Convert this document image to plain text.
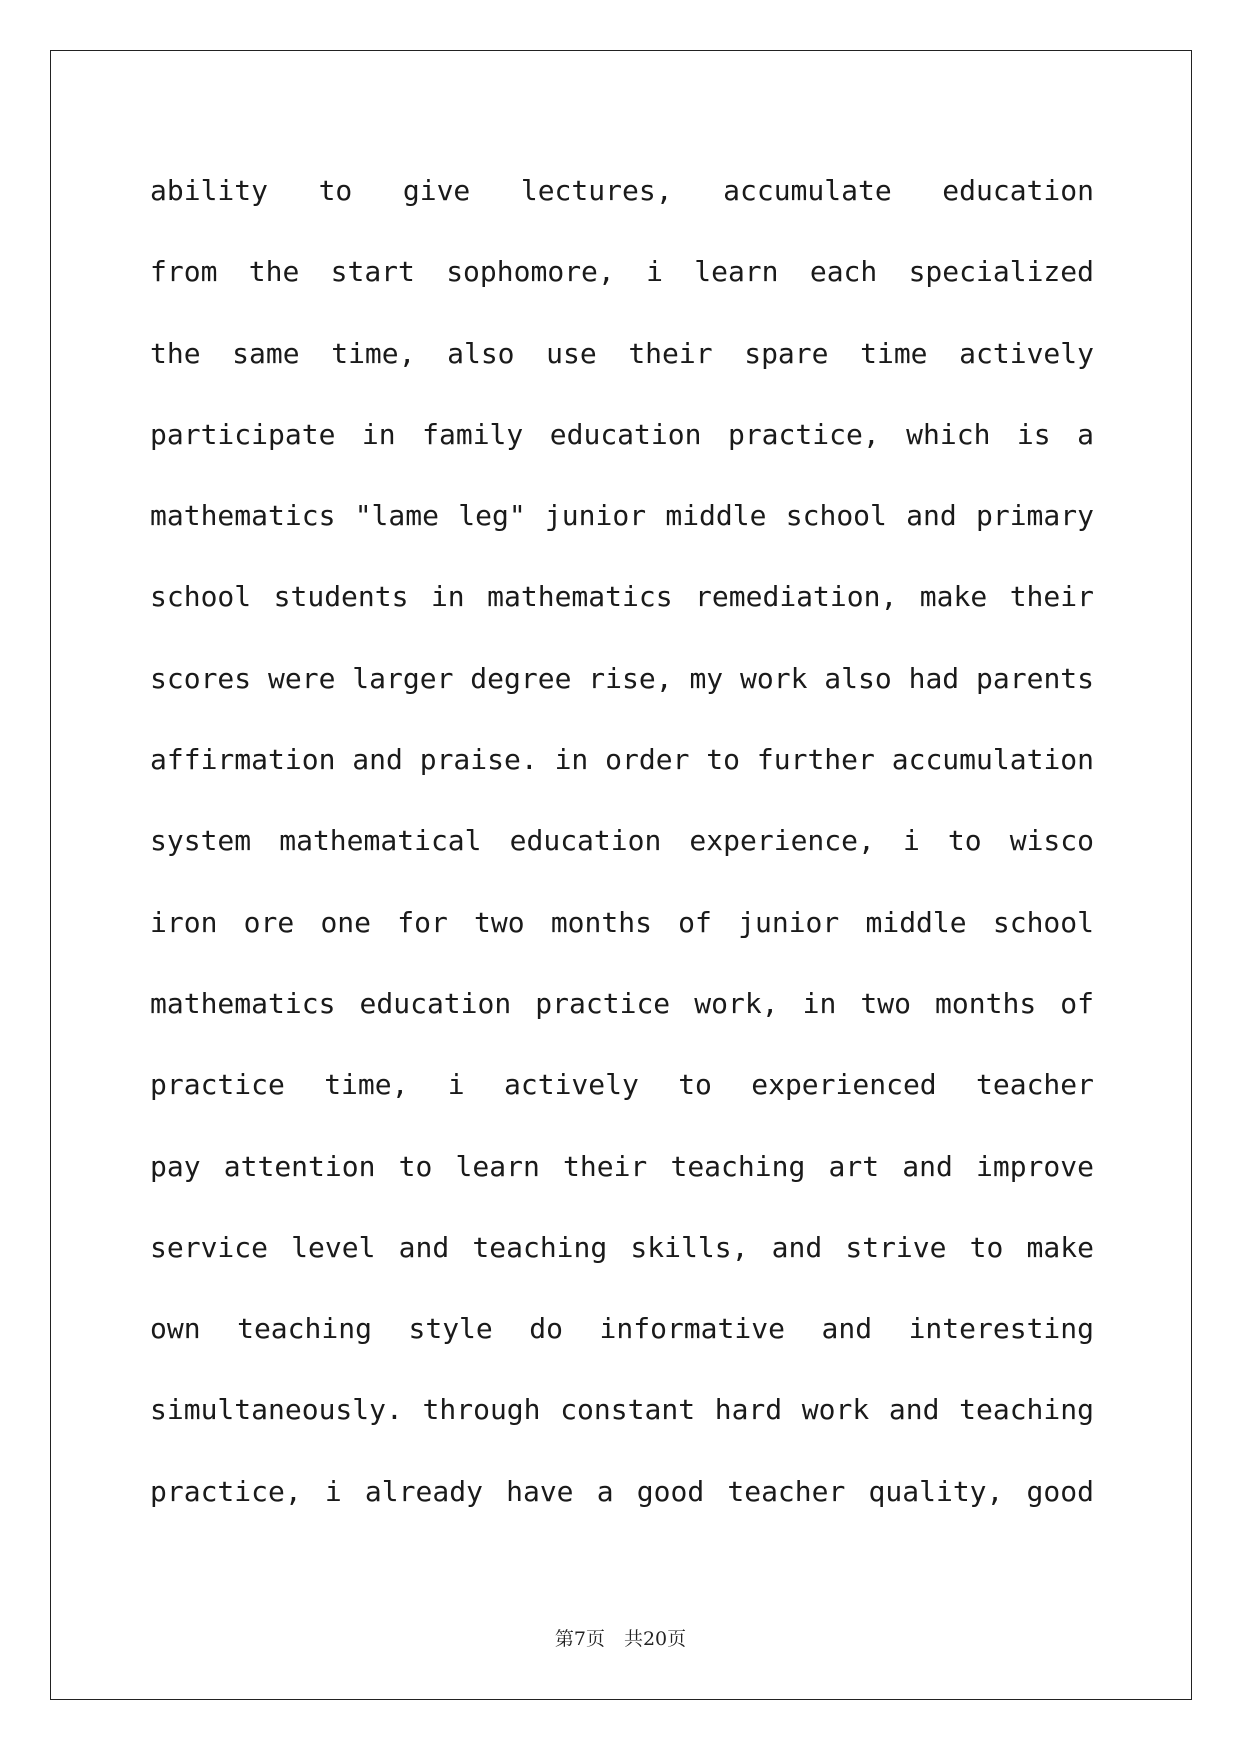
ability to give lectures, accumulate education
from the start sophomore, i learn each specialized
the same time, also use their spare time actively
participate in family education practice, which is a
mathematics "lame leg" junior middle school and primary
school students in mathematics remediation, make their
scores were larger degree rise, my work also had parents
affirmation and praise. in order to further accumulation
system mathematical education experience, i to wisco
iron ore one for two months of junior middle school
mathematics education practice work, in two months of
practice time, i actively to experienced teacher
pay attention to learn their teaching art and improve
service level and teaching skills, and strive to make
own teaching style do informative and interesting
simultaneously. through constant hard work and teaching
practice, i already have a good teacher quality, good
第7页　共20页
